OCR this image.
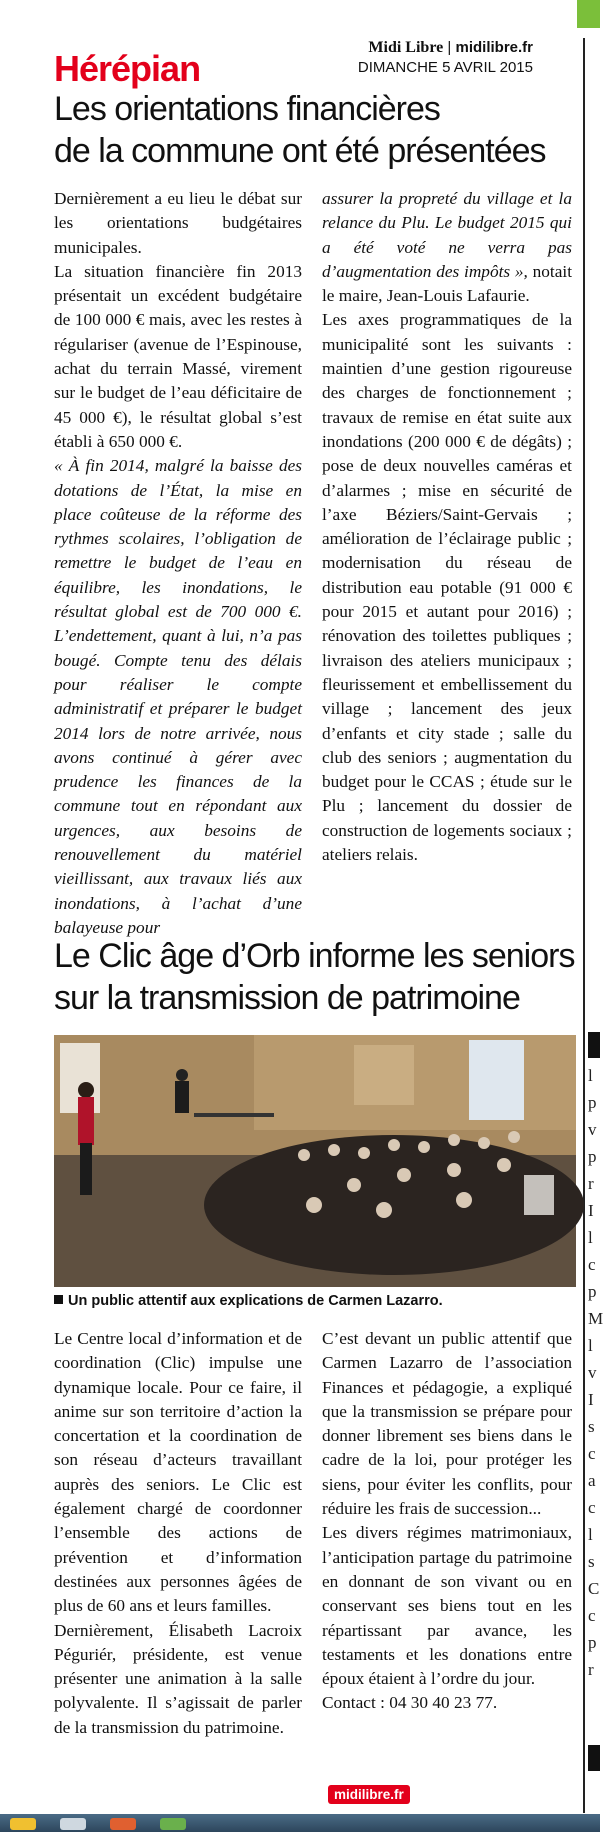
l
p
v
p
r
I
l
c
p
M
l
v
I
s
c
a
c
l
s
C
c
p
r
Hérépian
Midi Libre | midilibre.fr
DIMANCHE 5 AVRIL 2015
Les orientations financières
de la commune ont été présentées

Dernièrement a eu lieu le débat sur les orientations budgétaires municipales.

La situation financière fin 2013 présentait un excédent budgétaire de 100 000 € mais, avec les restes à régulariser (avenue de l’Espinouse, achat du terrain Massé, virement sur le budget de l’eau déficitaire de 45 000 €), le résultat global s’est établi à 650 000 €.

« À fin 2014, malgré la baisse des dotations de l’État, la mise en place coûteuse de la réforme des rythmes scolaires, l’obligation de remettre le budget de l’eau en équilibre, les inondations, le résultat global est de 700 000 €. L’endettement, quant à lui, n’a pas bougé. Compte tenu des délais pour réaliser le compte administratif et préparer le budget 2014 lors de notre arrivée, nous avons continué à gérer avec prudence les finances de la commune tout en répondant aux urgences, aux besoins de renouvellement du matériel vieillissant, aux travaux liés aux inondations, à l’achat d’une balayeuse pour

assurer la propreté du village et la relance du Plu. Le budget 2015 qui a été voté ne verra pas d’augmentation des impôts », notait le maire, Jean-Louis Lafaurie.

Les axes programmatiques de la municipalité sont les suivants : maintien d’une gestion rigoureuse des charges de fonctionnement ; travaux de remise en état suite aux inondations (200 000 € de dégâts) ; pose de deux nouvelles caméras et d’alarmes ; mise en sécurité de l’axe Béziers/Saint-Gervais ; amélioration de l’éclairage public ; modernisation du réseau de distribution eau potable (91 000 € pour 2015 et autant pour 2016) ; rénovation des toilettes publiques ; livraison des ateliers municipaux ; fleurissement et embellissement du village ; lancement des jeux d’enfants et city stade ; salle du club des seniors ; augmentation du budget pour le CCAS ; étude sur le Plu ; lancement du dossier de construction de logements sociaux ; ateliers relais.

Le Clic âge d’Orb informe les seniors
sur la transmission de patrimoine
Un public attentif aux explications de Carmen Lazarro.

Le Centre local d’information et de coordination (Clic) impulse une dynamique locale. Pour ce faire, il anime sur son territoire d’action la concertation et la coordination de son réseau d’acteurs travaillant auprès des seniors. Le Clic est également chargé de coordonner l’ensemble des actions de prévention et d’information destinées aux personnes âgées de plus de 60 ans et leurs familles.

Dernièrement, Élisabeth Lacroix Péguriér, présidente, est venue présenter une animation à la salle polyvalente. Il s’agissait de parler de la transmission du patrimoine.

C’est devant un public attentif que Carmen Lazarro de l’association Finances et pédagogie, a expliqué que la transmission se prépare pour donner librement ses biens dans le cadre de la loi, pour protéger les siens, pour éviter les conflits, pour réduire les frais de succession...

Les divers régimes matrimoniaux, l’anticipation partage du patrimoine en donnant de son vivant ou en conservant ses biens tout en les répartissant par avance, les testaments et les donations entre époux étaient à l’ordre du jour.

Contact : 04 30 40 23 77.

midilibre.fr
